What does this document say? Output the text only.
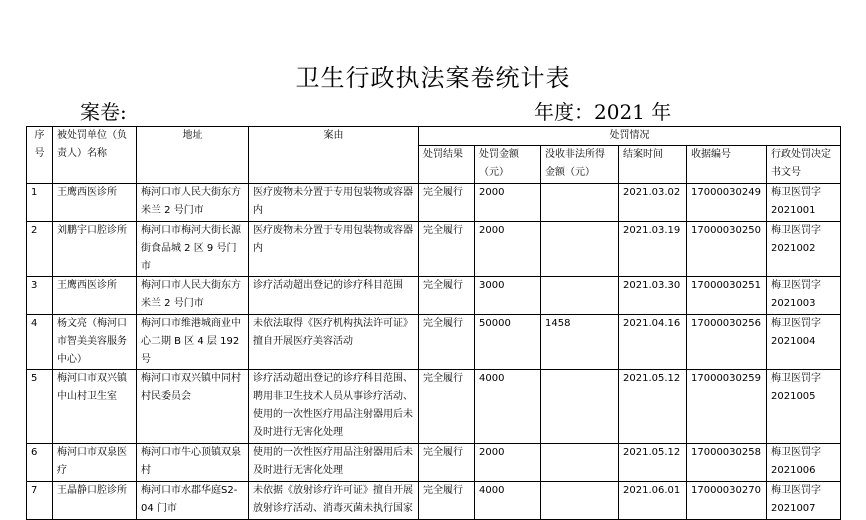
卫生行政执法案卷统计表
案卷:	年度：2021 年
序号	被处罚单位（负责人）名称	地址	案由	处罚情况					
				处罚结果	处罚金额（元）	没收非法所得金额（元）	结案时间	收据编号	行政处罚决定书文号
1	王鹰西医诊所	梅河口市人民大街东方米兰 2 号门市	医疗废物未分置于专用包装物或容器内	完全履行	2000		2021.03.02	17000030249	梅卫医罚字2021001
2	刘鹏宇口腔诊所	梅河口市梅河大街长源街食品城 2 区 9 号门市	医疗废物未分置于专用包装物或容器内	完全履行	2000		2021.03.19	17000030250	梅卫医罚字2021002
3	王鹰西医诊所	梅河口市人民大街东方米兰 2 号门市	诊疗活动超出登记的诊疗科目范围	完全履行	3000		2021.03.30	17000030251	梅卫医罚字2021003
4	杨文亮（梅河口市智美美容服务中心）	梅河口市维港城商业中心二期 B 区 4 层 192 号	未依法取得《医疗机构执法许可证》擅自开展医疗美容活动	完全履行	50000	1458	2021.04.16	17000030256	梅卫医罚字2021004
5	梅河口市双兴镇中山村卫生室	梅河口市双兴镇中同村村民委员会	诊疗活动超出登记的诊疗科目范围、聘用非卫生技术人员从事诊疗活动、使用的一次性医疗用品注射器用后未及时进行无害化处理	完全履行	4000		2021.05.12	17000030259	梅卫医罚字2021005
6	梅河口市双泉医疗	梅河口市牛心顶镇双泉村	使用的一次性医疗用品注射器用后未及时进行无害化处理	完全履行	2000		2021.05.12	17000030258	梅卫医罚字2021006
7	王晶静口腔诊所	梅河口市水郡华庭S2-04 门市	未依据《放射诊疗许可证》擅自开展放射诊疗活动、消毒灭菌未执行国家	完全履行	4000		2021.06.01	17000030270	梅卫医罚字2021007
